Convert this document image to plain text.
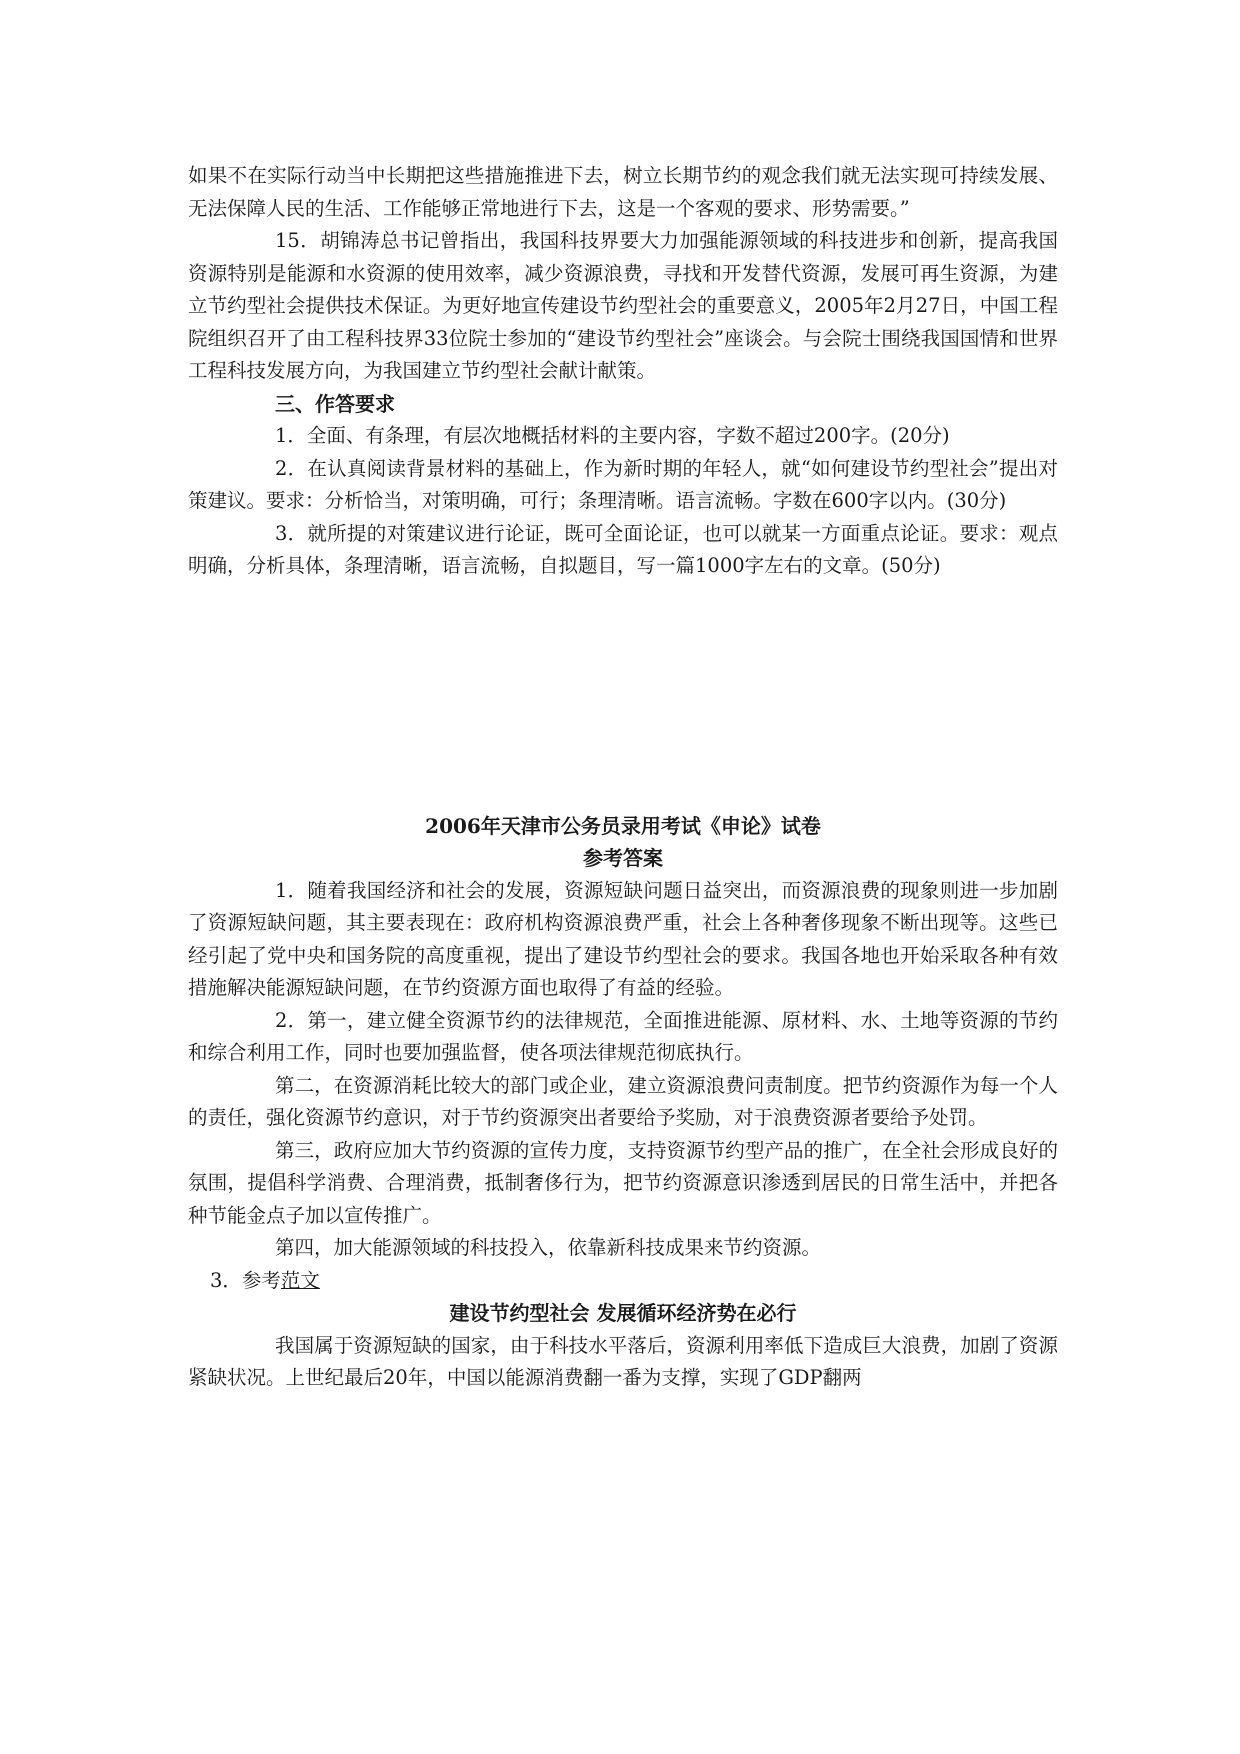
如果不在实际行动当中长期把这些措施推进下去，树立长期节约的观念我们就无法实现可持续发展、无法保障人民的生活、工作能够正常地进行下去，这是一个客观的要求、形势需要。”

15．胡锦涛总书记曾指出，我国科技界要大力加强能源领域的科技进步和创新，提高我国资源特别是能源和水资源的使用效率，减少资源浪费，寻找和开发替代资源，发展可再生资源，为建立节约型社会提供技术保证。为更好地宣传建设节约型社会的重要意义，2005年2月27日，中国工程院组织召开了由工程科技界33位院士参加的“建设节约型社会”座谈会。与会院士围绕我国国情和世界工程科技发展方向，为我国建立节约型社会献计献策。

三、作答要求

1．全面、有条理，有层次地概括材料的主要内容，字数不超过200字。(20分)

2．在认真阅读背景材料的基础上，作为新时期的年轻人，就“如何建设节约型社会”提出对策建议。要求：分析恰当，对策明确，可行；条理清晰。语言流畅。字数在600字以内。(30分)

3．就所提的对策建议进行论证，既可全面论证，也可以就某一方面重点论证。要求：观点明确，分析具体，条理清晰，语言流畅，自拟题目，写一篇1000字左右的文章。(50分)

2006年天津市公务员录用考试《申论》试卷

参考答案

1．随着我国经济和社会的发展，资源短缺问题日益突出，而资源浪费的现象则进一步加剧了资源短缺问题，其主要表现在：政府机构资源浪费严重，社会上各种奢侈现象不断出现等。这些已经引起了党中央和国务院的高度重视，提出了建设节约型社会的要求。我国各地也开始采取各种有效措施解决能源短缺问题，在节约资源方面也取得了有益的经验。

2．第一，建立健全资源节约的法律规范，全面推进能源、原材料、水、土地等资源的节约和综合利用工作，同时也要加强监督，使各项法律规范彻底执行。

第二，在资源消耗比较大的部门或企业，建立资源浪费问责制度。把节约资源作为每一个人的责任，强化资源节约意识，对于节约资源突出者要给予奖励，对于浪费资源者要给予处罚。

第三，政府应加大节约资源的宣传力度，支持资源节约型产品的推广，在全社会形成良好的氛围，提倡科学消费、合理消费，抵制奢侈行为，把节约资源意识渗透到居民的日常生活中，并把各种节能金点子加以宣传推广。

第四，加大能源领域的科技投入，依靠新科技成果来节约资源。

3．参考范文

建设节约型社会 发展循环经济势在必行

我国属于资源短缺的国家，由于科技水平落后，资源利用率低下造成巨大浪费，加剧了资源紧缺状况。上世纪最后20年，中国以能源消费翻一番为支撑，实现了GDP翻两
